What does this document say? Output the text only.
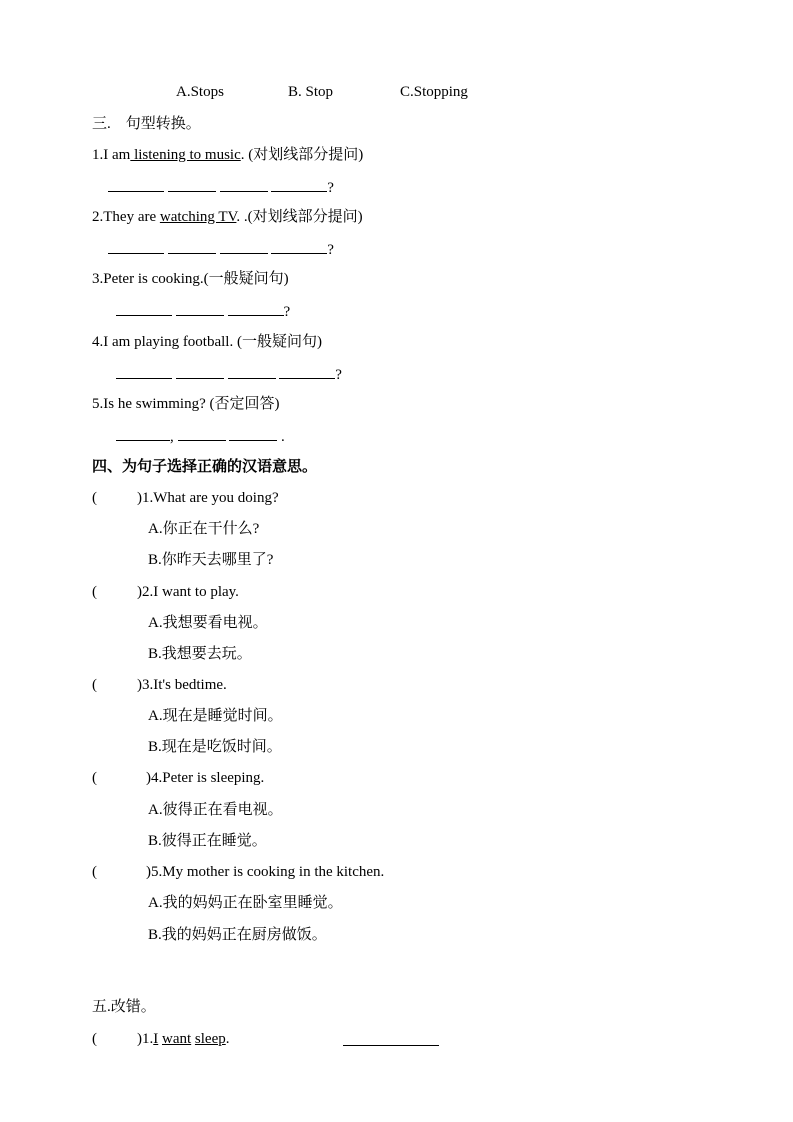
A.Stops	B. Stop	C.Stopping
三.    句型转换。
1.I am listening to music. (对划线部分提问)
?
2.They are watching TV. .(对划线部分提问)
?
3.Peter is cooking.(一般疑问句)
?
4.I am playing football. (一般疑问句)
?
5.Is he swimming? (否定回答)
,	.
四、为句子选择正确的汉语意思。
(	)1.What are you doing?
A.你正在干什么?
B.你昨天去哪里了?
(	)2.I want to play.
A.我想要看电视。
B.我想要去玩。
(	)3.It's bedtime.
A.现在是睡觉时间。
B.现在是吃饭时间。
(	)4.Peter is sleeping.
A.彼得正在看电视。
B.彼得正在睡觉。
(	)5.My mother is cooking in the kitchen.
A.我的妈妈正在卧室里睡觉。
B.我的妈妈正在厨房做饭。
五.改错。
(	)1.I want sleep.
